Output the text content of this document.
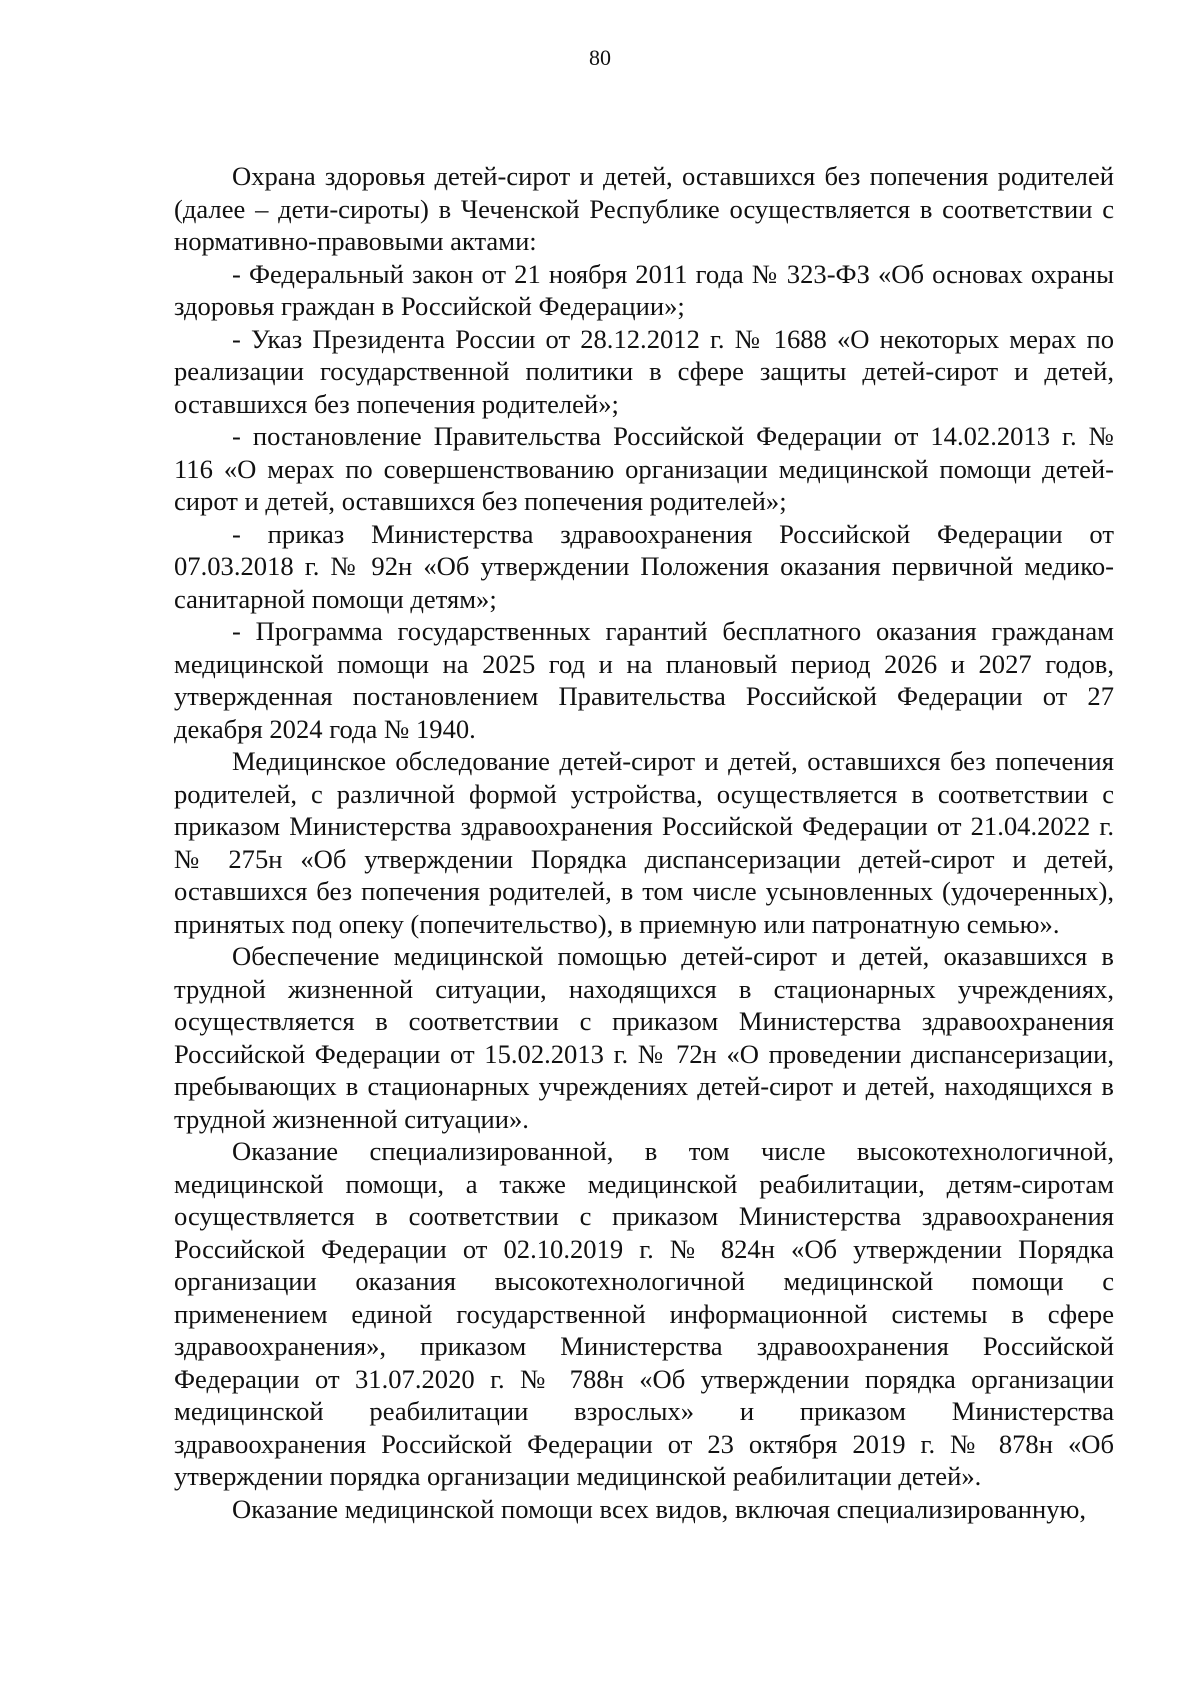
80

Охрана здоровья детей-сирот и детей, оставшихся без попечения родителей (далее – дети-сироты) в Чеченской Республике осуществляется в соответствии с нормативно-правовыми актами:

- Федеральный закон от 21 ноября 2011 года № 323-ФЗ «Об основах охраны здоровья граждан в Российской Федерации»;

- Указ Президента России от 28.12.2012 г. № 1688 «О некоторых мерах по реализации государственной политики в сфере защиты детей-сирот и детей, оставшихся без попечения родителей»;

- постановление Правительства Российской Федерации от 14.02.2013 г. № 116 «О мерах по совершенствованию организации медицинской помощи детей-сирот и детей, оставшихся без попечения родителей»;

- приказ Министерства здравоохранения Российской Федерации от 07.03.2018 г. № 92н «Об утверждении Положения оказания первичной медико-санитарной помощи детям»;

- Программа государственных гарантий бесплатного оказания гражданам медицинской помощи на 2025 год и на плановый период 2026 и 2027 годов, утвержденная постановлением Правительства Российской Федерации от 27 декабря 2024 года № 1940.

Медицинское обследование детей-сирот и детей, оставшихся без попечения родителей, с различной формой устройства, осуществляется в соответствии с приказом Министерства здравоохранения Российской Федерации от 21.04.2022 г. № 275н «Об утверждении Порядка диспансеризации детей-сирот и детей, оставшихся без попечения родителей, в том числе усыновленных (удочеренных), принятых под опеку (попечительство), в приемную или патронатную семью».

Обеспечение медицинской помощью детей-сирот и детей, оказавшихся в трудной жизненной ситуации, находящихся в стационарных учреждениях, осуществляется в соответствии с приказом Министерства здравоохранения Российской Федерации от 15.02.2013 г. № 72н «О проведении диспансеризации, пребывающих в стационарных учреждениях детей-сирот и детей, находящихся в трудной жизненной ситуации».

Оказание специализированной, в том числе высокотехнологичной, медицинской помощи, а также медицинской реабилитации, детям-сиротам осуществляется в соответствии с приказом Министерства здравоохранения Российской Федерации от 02.10.2019 г. № 824н «Об утверждении Порядка организации оказания высокотехнологичной медицинской помощи с применением единой государственной информационной системы в сфере здравоохранения», приказом Министерства здравоохранения Российской Федерации от 31.07.2020 г. № 788н «Об утверждении порядка организации медицинской реабилитации взрослых» и приказом Министерства здравоохранения Российской Федерации от 23 октября 2019 г. № 878н «Об утверждении порядка организации медицинской реабилитации детей».

Оказание медицинской помощи всех видов, включая специализированную,
